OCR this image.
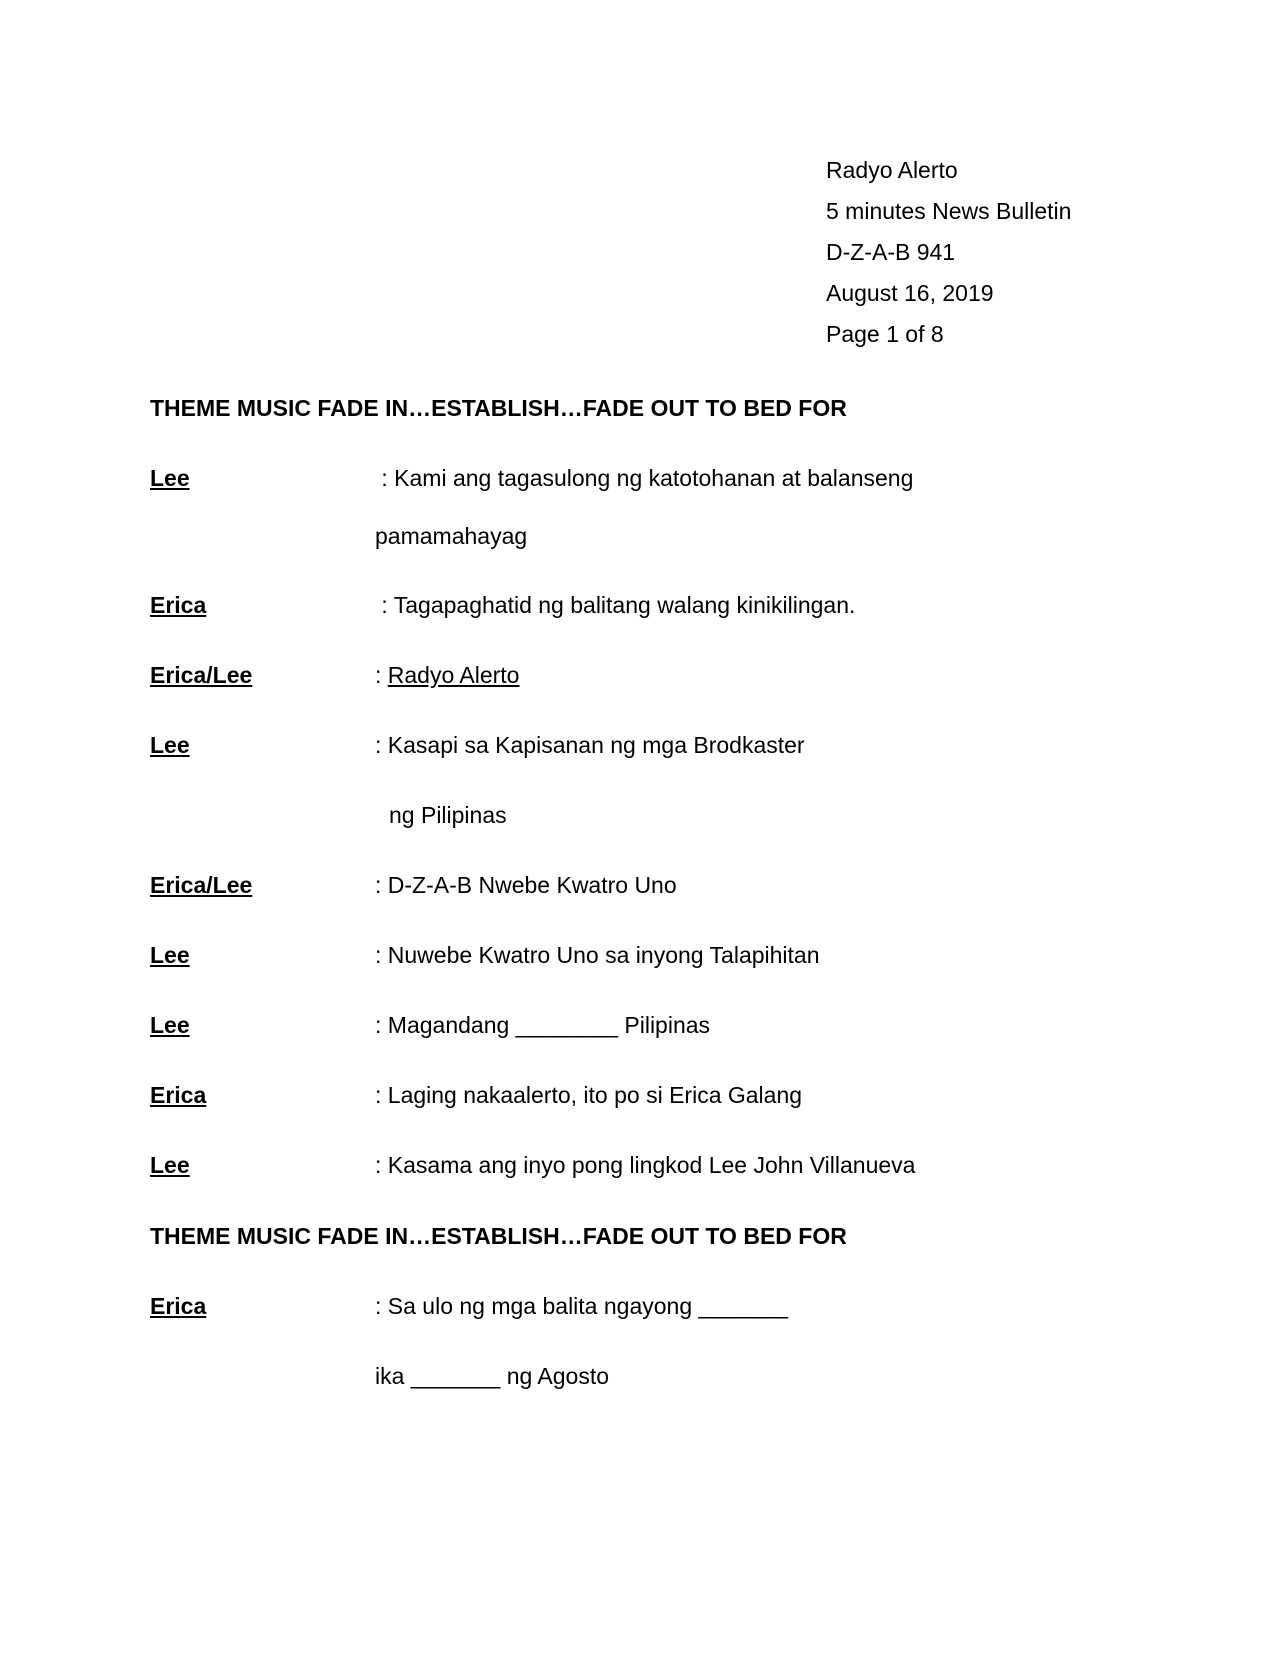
Radyo Alerto
5 minutes News Bulletin
D-Z-A-B 941
August 16, 2019
Page 1 of 8
THEME MUSIC FADE IN…ESTABLISH…FADE OUT TO BED FOR
Lee	: Kami ang tagasulong ng katotohanan at balanseng
pamamahayag
Erica	: Tagapaghatid ng balitang walang kinikilingan.
Erica/Lee	: Radyo Alerto
Lee	: Kasapi sa Kapisanan ng mga Brodkaster
ng Pilipinas
Erica/Lee	: D-Z-A-B Nwebe Kwatro Uno
Lee	: Nuwebe Kwatro Uno sa inyong Talapihitan
Lee	: Magandang ________ Pilipinas
Erica	: Laging nakaalerto, ito po si Erica Galang
Lee	: Kasama ang inyo pong lingkod Lee John Villanueva
THEME MUSIC FADE IN…ESTABLISH…FADE OUT TO BED FOR
Erica	: Sa ulo ng mga balita ngayong _______
ika _______ ng Agosto
